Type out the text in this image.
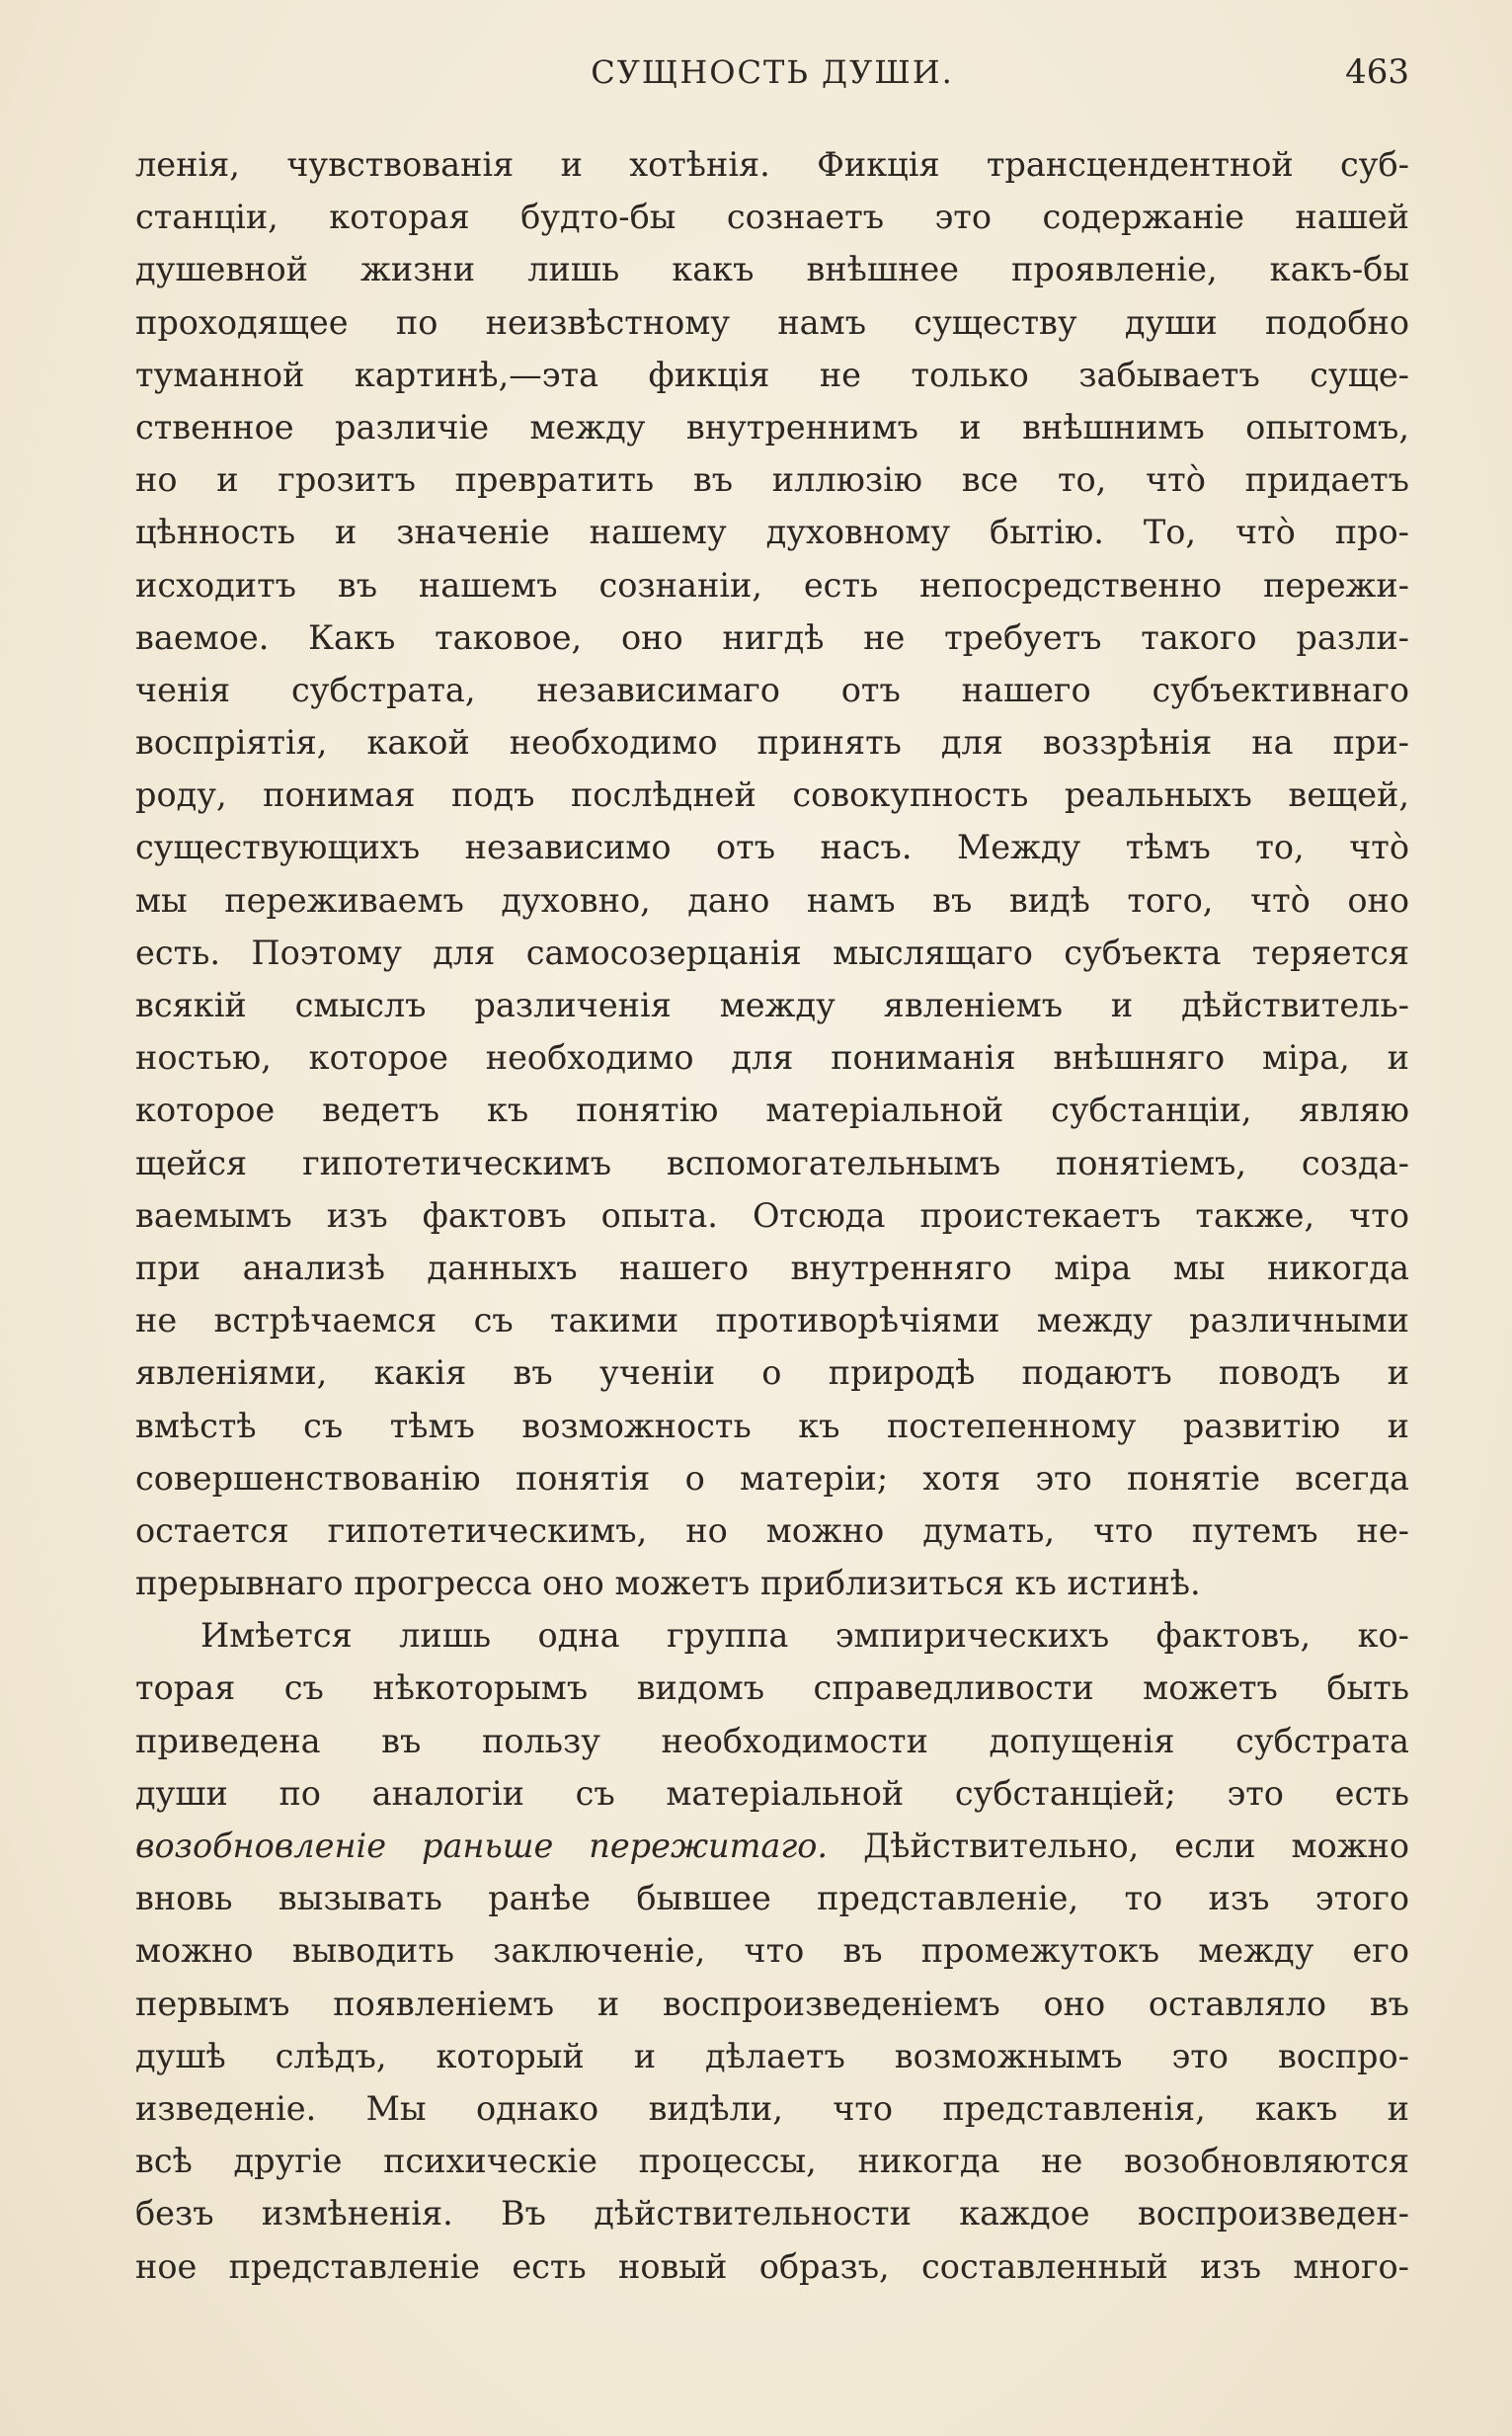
СУЩНОСТЬ ДУШИ.	463
ленія, чувствованія и хотѣнія. Фикція трансцендентной суб-
станціи, которая будто-бы сознаетъ это содержаніе нашей
душевной жизни лишь какъ внѣшнее проявленіе, какъ-бы
проходящее по неизвѣстному намъ существу души подобно
туманной картинѣ,—эта фикція не только забываетъ суще-
ственное различіе между внутреннимъ и внѣшнимъ опытомъ,
но и грозитъ превратить въ иллюзію все то, что̀ придаетъ
цѣнность и значеніе нашему духовному бытію. То, что̀ про-
исходитъ въ нашемъ сознаніи, есть непосредственно пережи-
ваемое. Какъ таковое, оно нигдѣ не требуетъ такого разли-
ченія субстрата, независимаго отъ нашего субъективнаго
воспріятія, какой необходимо принять для воззрѣнія на при-
роду, понимая подъ послѣдней совокупность реальныхъ вещей,
существующихъ независимо отъ насъ. Между тѣмъ то, что̀
мы переживаемъ духовно, дано намъ въ видѣ того, что̀ оно
есть. Поэтому для самосозерцанія мыслящаго субъекта теряется
всякій смыслъ различенія между явленіемъ и дѣйствитель-
ностью, которое необходимо для пониманія внѣшняго міра, и
которое ведетъ къ понятію матеріальной субстанціи, являю
щейся гипотетическимъ вспомогательнымъ понятіемъ, созда-
ваемымъ изъ фактовъ опыта. Отсюда проистекаетъ также, что
при анализѣ данныхъ нашего внутренняго міра мы никогда
не встрѣчаемся съ такими противорѣчіями между различными
явленіями, какія въ ученіи о природѣ подаютъ поводъ и
вмѣстѣ съ тѣмъ возможность къ постепенному развитію и
совершенствованію понятія о матеріи; хотя это понятіе всегда
остается гипотетическимъ, но можно думать, что путемъ не-
прерывнаго прогресса оно можетъ приблизиться къ истинѣ.
Имѣется лишь одна группа эмпирическихъ фактовъ, ко-
торая съ нѣкоторымъ видомъ справедливости можетъ быть
приведена въ пользу необходимости допущенія субстрата
души по аналогіи съ матеріальной субстанціей; это есть
возобновленіе раньше пережитаго. Дѣйствительно, если можно
вновь вызывать ранѣе бывшее представленіе, то изъ этого
можно выводить заключеніе, что въ промежутокъ между его
первымъ появленіемъ и воспроизведеніемъ оно оставляло въ
душѣ слѣдъ, который и дѣлаетъ возможнымъ это воспро-
изведеніе. Мы однако видѣли, что представленія, какъ и
всѣ другіе психическіе процессы, никогда не возобновляются
безъ измѣненія. Въ дѣйствительности каждое воспроизведен-
ное представленіе есть новый образъ, составленный изъ много-
